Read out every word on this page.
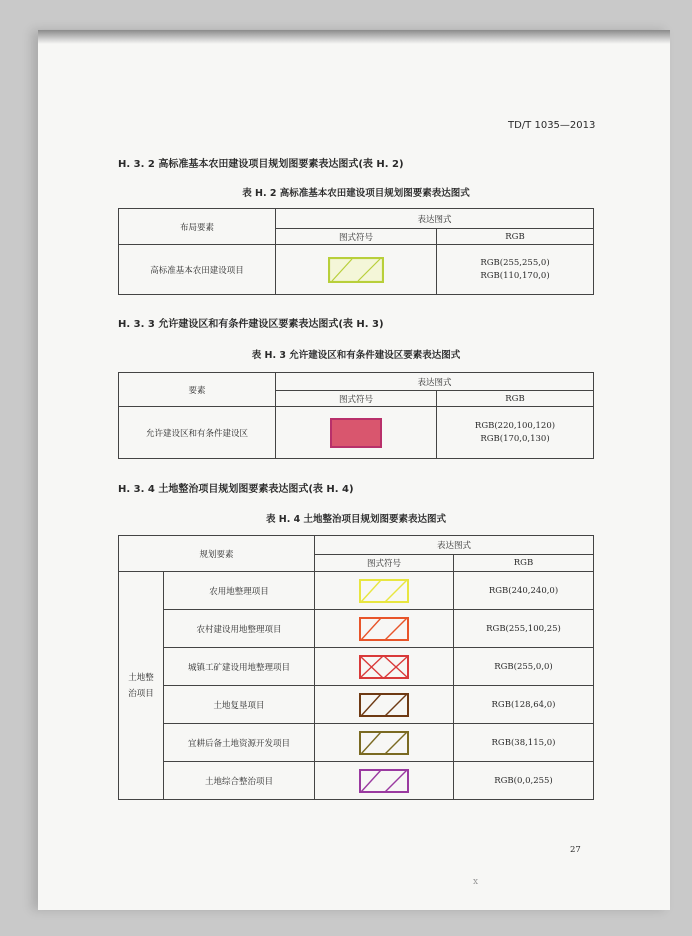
TD/T 1035—2013
H. 3. 2 高标准基本农田建设项目规划图要素表达图式(表 H. 2)
表 H. 2 高标准基本农田建设项目规划图要素表达图式
布局要素	表达图式	
	图式符号	RGB
高标准基本农田建设项目		RGB(255,255,0)
RGB(110,170,0)
H. 3. 3 允许建设区和有条件建设区要素表达图式(表 H. 3)
表 H. 3 允许建设区和有条件建设区要素表达图式
要素	表达图式	
	图式符号	RGB
允许建设区和有条件建设区		RGB(220,100,120)
RGB(170,0,130)
H. 3. 4 土地整治项目规划图要素表达图式(表 H. 4)
表 H. 4 土地整治项目规划图要素表达图式
规划要素		表达图式	
		图式符号	RGB

土地整
治项目	农用地整理项目		RGB(240,240,0)
	农村建设用地整理项目		RGB(255,100,25)
	城镇工矿建设用地整理项目		RGB(255,0,0)
	土地复垦项目		RGB(128,64,0)
	宜耕后备土地资源开发项目		RGB(38,115,0)
	土地综合整治项目		RGB(0,0,255)
27
x
